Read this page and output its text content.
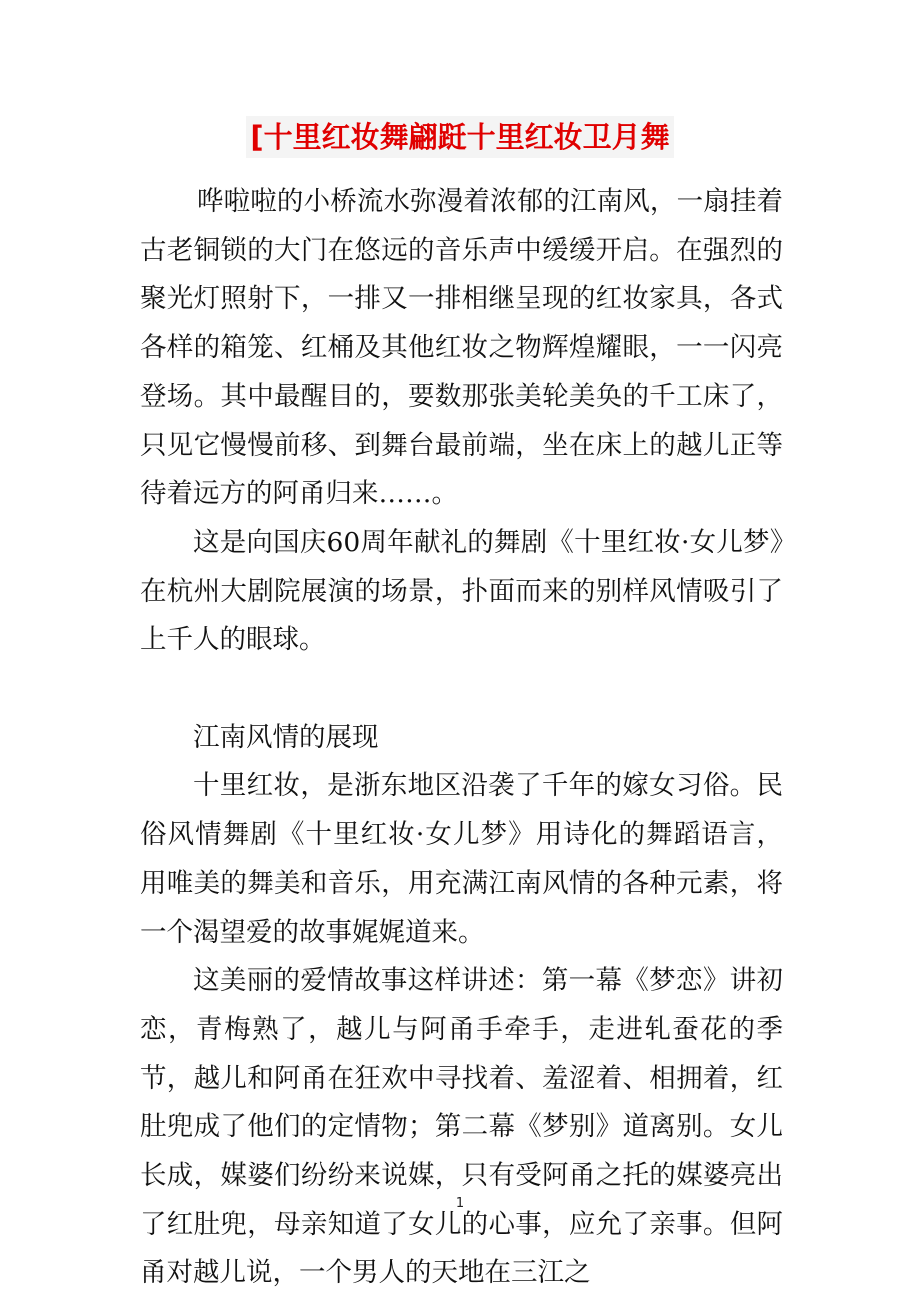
[十里红妆舞翩跹十里红妆卫月舞

哗啦啦的小桥流水弥漫着浓郁的江南风，一扇挂着古老铜锁的大门在悠远的音乐声中缓缓开启。在强烈的聚光灯照射下，一排又一排相继呈现的红妆家具，各式各样的箱笼、红桶及其他红妆之物辉煌耀眼，一一闪亮登场。其中最醒目的，要数那张美轮美奂的千工床了，只见它慢慢前移、到舞台最前端，坐在床上的越儿正等待着远方的阿甬归来……。

这是向国庆60周年献礼的舞剧《十里红妆·女儿梦》在杭州大剧院展演的场景，扑面而来的别样风情吸引了上千人的眼球。

江南风情的展现

十里红妆，是浙东地区沿袭了千年的嫁女习俗。民俗风情舞剧《十里红妆·女儿梦》用诗化的舞蹈语言，用唯美的舞美和音乐，用充满江南风情的各种元素，将一个渴望爱的故事娓娓道来。

这美丽的爱情故事这样讲述：第一幕《梦恋》讲初恋，青梅熟了，越儿与阿甬手牵手，走进轧蚕花的季节，越儿和阿甬在狂欢中寻找着、羞涩着、相拥着，红肚兜成了他们的定情物；第二幕《梦别》道离别。女儿长成，媒婆们纷纷来说媒，只有受阿甬之托的媒婆亮出了红肚兜，母亲知道了女儿的心事，应允了亲事。但阿甬对越儿说，一个男人的天地在三江之

1
